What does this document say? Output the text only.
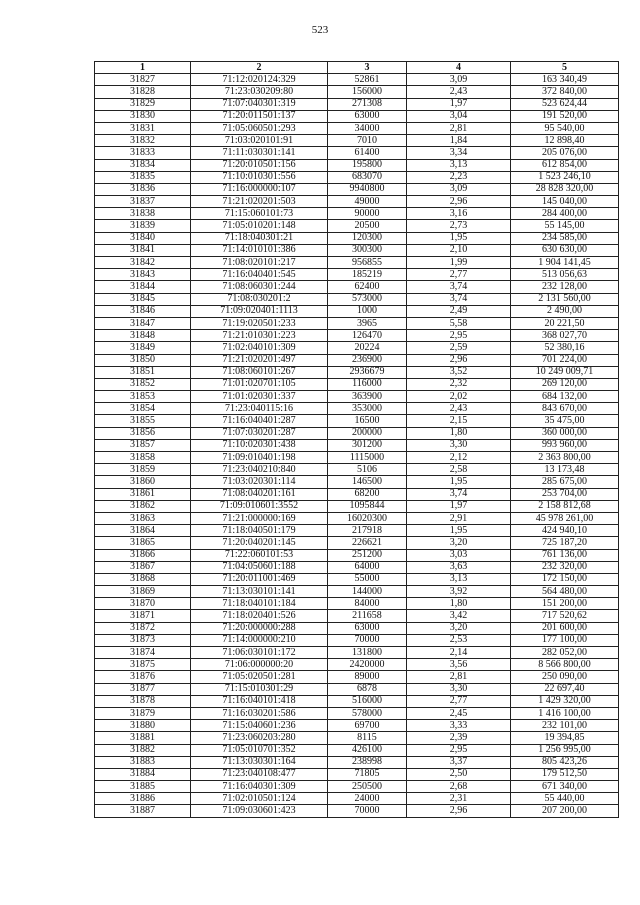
523
1	2	3	4	5
31827	71:12:020124:329	52861	3,09	163 340,49
31828	71:23:030209:80	156000	2,43	372 840,00
31829	71:07:040301:319	271308	1,97	523 624,44
31830	71:20:011501:137	63000	3,04	191 520,00
31831	71:05:060501:293	34000	2,81	95 540,00
31832	71:03:020101:91	7010	1,84	12 898,40
31833	71:11:030301:141	61400	3,34	205 076,00
31834	71:20:010501:156	195800	3,13	612 854,00
31835	71:10:010301:556	683070	2,23	1 523 246,10
31836	71:16:000000:107	9940800	3,09	28 828 320,00
31837	71:21:020201:503	49000	2,96	145 040,00
31838	71:15:060101:73	90000	3,16	284 400,00
31839	71:05:010201:148	20500	2,73	55 145,00
31840	71:18:040301:21	120300	1,95	234 585,00
31841	71:14:010101:386	300300	2,10	630 630,00
31842	71:08:020101:217	956855	1,99	1 904 141,45
31843	71:16:040401:545	185219	2,77	513 056,63
31844	71:08:060301:244	62400	3,74	232 128,00
31845	71:08:030201:2	573000	3,74	2 131 560,00
31846	71:09:020401:1113	1000	2,49	2 490,00
31847	71:19:020501:233	3965	5,58	20 221,50
31848	71:21:010301:223	126470	2,95	368 027,70
31849	71:02:040101:309	20224	2,59	52 380,16
31850	71:21:020201:497	236900	2,96	701 224,00
31851	71:08:060101:267	2936679	3,52	10 249 009,71
31852	71:01:020701:105	116000	2,32	269 120,00
31853	71:01:020301:337	363900	2,02	684 132,00
31854	71:23:040115:16	353000	2,43	843 670,00
31855	71:16:040401:287	16500	2,15	35 475,00
31856	71:07:030201:287	200000	1,80	360 000,00
31857	71:10:020301:438	301200	3,30	993 960,00
31858	71:09:010401:198	1115000	2,12	2 363 800,00
31859	71:23:040210:840	5106	2,58	13 173,48
31860	71:03:020301:114	146500	1,95	285 675,00
31861	71:08:040201:161	68200	3,74	253 704,00
31862	71:09:010601:3552	1095844	1,97	2 158 812,68
31863	71:21:000000:169	16020300	2,91	45 978 261,00
31864	71:18:040501:179	217918	1,95	424 940,10
31865	71:20:040201:145	226621	3,20	725 187,20
31866	71:22:060101:53	251200	3,03	761 136,00
31867	71:04:050601:188	64000	3,63	232 320,00
31868	71:20:011001:469	55000	3,13	172 150,00
31869	71:13:030101:141	144000	3,92	564 480,00
31870	71:18:040101:184	84000	1,80	151 200,00
31871	71:18:020401:526	211658	3,42	717 520,62
31872	71:20:000000:288	63000	3,20	201 600,00
31873	71:14:000000:210	70000	2,53	177 100,00
31874	71:06:030101:172	131800	2,14	282 052,00
31875	71:06:000000:20	2420000	3,56	8 566 800,00
31876	71:05:020501:281	89000	2,81	250 090,00
31877	71:15:010301:29	6878	3,30	22 697,40
31878	71:16:040101:418	516000	2,77	1 429 320,00
31879	71:16:030201:586	578000	2,45	1 416 100,00
31880	71:15:040601:236	69700	3,33	232 101,00
31881	71:23:060203:280	8115	2,39	19 394,85
31882	71:05:010701:352	426100	2,95	1 256 995,00
31883	71:13:030301:164	238998	3,37	805 423,26
31884	71:23:040108:477	71805	2,50	179 512,50
31885	71:16:040301:309	250500	2,68	671 340,00
31886	71:02:010501:124	24000	2,31	55 440,00
31887	71:09:030601:423	70000	2,96	207 200,00
